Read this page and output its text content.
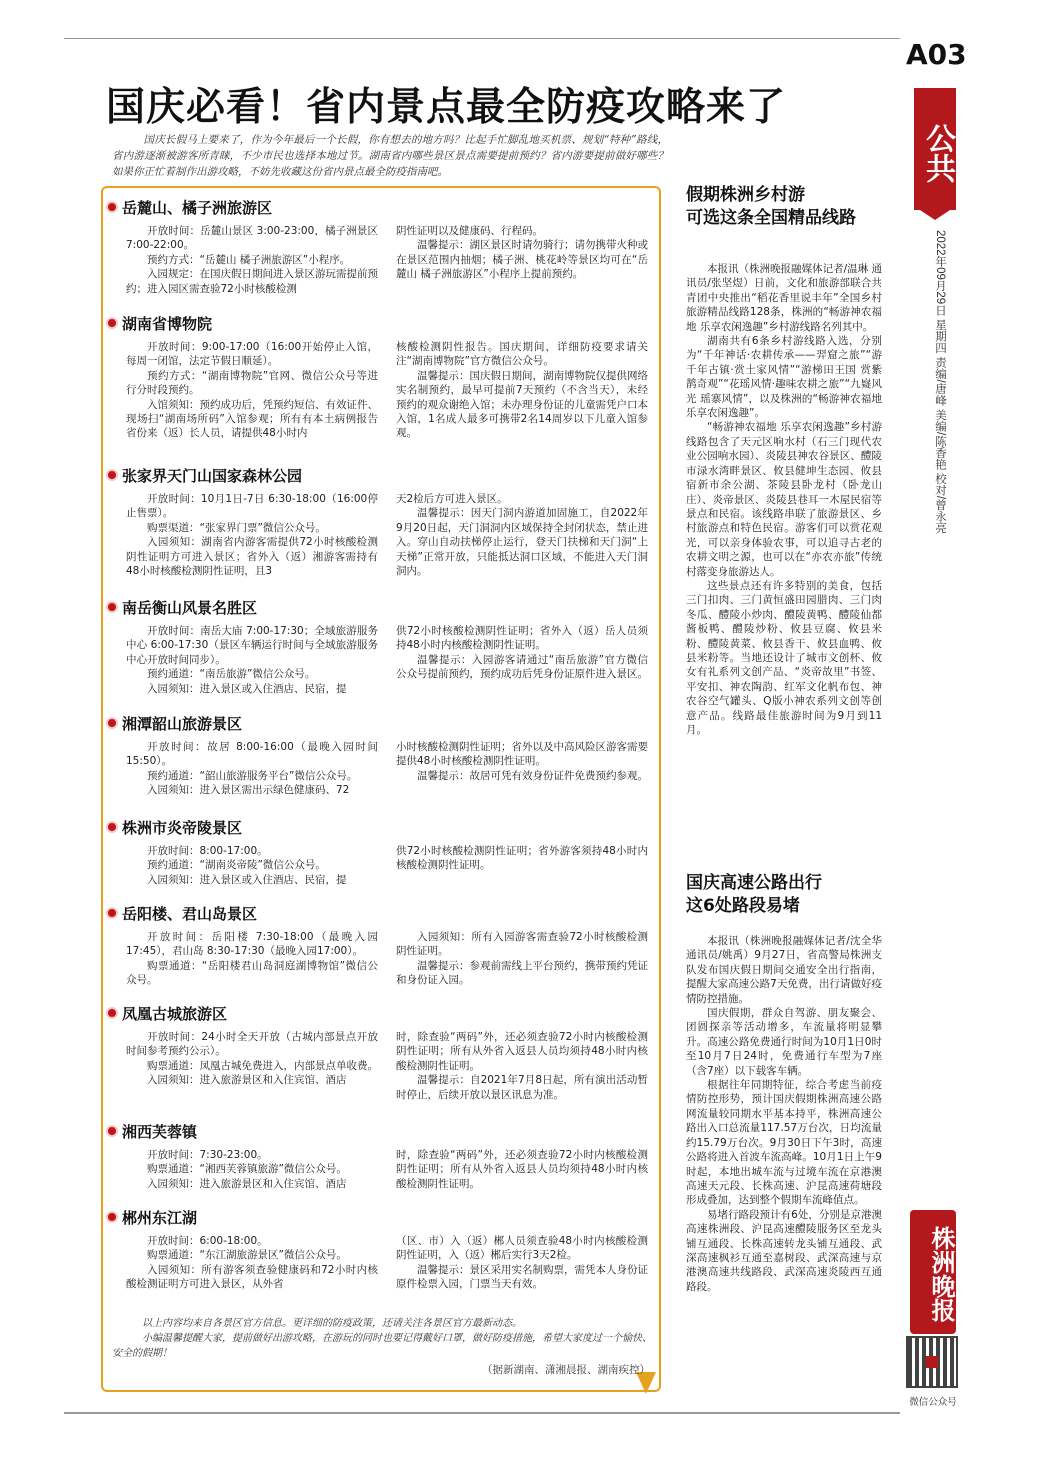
A03
公共
2022年09月29日 星期四 责编/唐峰 美编/陈香艳 校对/曾永亮
国庆必看！省内景点最全防疫攻略来了
国庆长假马上要来了，作为今年最后一个长假，你有想去的地方吗？比起手忙脚乱地买机票、规划“特种”路线，省内游逐渐被游客所青睐，不少市民也选择本地过节。湖南省内哪些景区景点需要提前预约？省内游要提前做好哪些？如果你正忙着制作出游攻略，不妨先收藏这份省内景点最全防疫指南吧。
岳麓山、橘子洲旅游区

开放时间：岳麓山景区 3:00-23:00，橘子洲景区 7:00-22:00。

预约方式：“岳麓山 橘子洲旅游区”小程序。

入园规定：在国庆假日期间进入景区游玩需提前预约；进入园区需查验72小时核酸检测

阴性证明以及健康码、行程码。

温馨提示：湖区景区时请勿骑行；请勿携带火种或在景区范围内抽烟；橘子洲、桃花岭等景区均可在“岳麓山 橘子洲旅游区”小程序上提前预约。

湖南省博物院

开放时间：9:00-17:00（16:00开始停止入馆，每周一闭馆，法定节假日顺延）。

预约方式：“湖南博物院”官网、微信公众号等进行分时段预约。

入馆须知：预约成功后，凭预约短信、有效证件、现场扫“湖南场所码”入馆参观；所有有本土病例报告省份来（返）长人员，请提供48小时内

核酸检测阴性报告。国庆期间，详细防疫要求请关注“湖南博物院”官方微信公众号。

温馨提示：国庆假日期间，湖南博物院仅提供网络实名制预约，最早可提前7天预约（不含当天），未经预约的观众谢绝入馆；未办理身份证的儿童需凭户口本入馆，1名成人最多可携带2名14周岁以下儿童入馆参观。

张家界天门山国家森林公园

开放时间：10月1日-7日 6:30-18:00（16:00停止售票）。

购票渠道：“张家界门票”微信公众号。

入园须知：湖南省内游客需提供72小时核酸检测阴性证明方可进入景区；省外入（返）湘游客需持有48小时核酸检测阴性证明，且3

天2检后方可进入景区。

温馨提示：因天门洞内游道加固施工，自2022年9月20日起，天门洞洞内区域保持全封闭状态，禁止进入。穿山自动扶梯停止运行，登天门扶梯和天门洞“上天梯”正常开放，只能抵达洞口区域，不能进入天门洞洞内。

南岳衡山风景名胜区

开放时间：南岳大庙 7:00-17:30；全域旅游服务中心 6:00-17:30（景区车辆运行时间与全域旅游服务中心开放时间同步）。

预约通道：“南岳旅游”微信公众号。

入园须知：进入景区或入住酒店、民宿，提

供72小时核酸检测阴性证明；省外入（返）岳人员须持48小时内核酸检测阴性证明。

温馨提示：入园游客请通过“南岳旅游”官方微信公众号提前预约，预约成功后凭身份证原件进入景区。

湘潭韶山旅游景区

开放时间：故居 8:00-16:00（最晚入园时间15:50）。

预约通道：“韶山旅游服务平台”微信公众号。

入园须知：进入景区需出示绿色健康码、72

小时核酸检测阴性证明；省外以及中高风险区游客需要提供48小时核酸检测阴性证明。

温馨提示：故居可凭有效身份证件免费预约参观。

株洲市炎帝陵景区

开放时间：8:00-17:00。

预约通道：“湖南炎帝陵”微信公众号。

入园须知：进入景区或入住酒店、民宿，提

供72小时核酸检测阴性证明；省外游客须持48小时内核酸检测阴性证明。

岳阳楼、君山岛景区

开放时间：岳阳楼 7:30-18:00（最晚入园17:45），君山岛 8:30-17:30（最晚入园17:00）。

购票通道：“岳阳楼君山岛洞庭湖博物馆”微信公众号。

入园须知：所有入园游客需查验72小时核酸检测阴性证明。

温馨提示：参观前需线上平台预约，携带预约凭证和身份证入园。

凤凰古城旅游区

开放时间：24小时全天开放（古城内部景点开放时间参考预约公示）。

购票通道：凤凰古城免费进入，内部景点单收费。

入园须知：进入旅游景区和入住宾馆、酒店

时，除查验“两码”外，还必须查验72小时内核酸检测阴性证明；所有从外省入返县人员均须持48小时内核酸检测阴性证明。

温馨提示：自2021年7月8日起，所有演出活动暂时停止，后续开放以景区讯息为准。

湘西芙蓉镇

开放时间：7:30-23:00。

购票通道：“湘西芙蓉镇旅游”微信公众号。

入园须知：进入旅游景区和入住宾馆、酒店

时，除查验“两码”外，还必须查验72小时内核酸检测阴性证明；所有从外省入返县人员均须持48小时内核酸检测阴性证明。

郴州东江湖

开放时间：6:00-18:00。

购票通道：“东江湖旅游景区”微信公众号。

入园须知：所有游客须查验健康码和72小时内核酸检测证明方可进入景区，从外省

（区、市）入（返）郴人员须查验48小时内核酸检测阴性证明，入（返）郴后实行3天2检。

温馨提示：景区采用实名制购票，需凭本人身份证原件检票入园，门票当天有效。

以上内容均来自各景区官方信息。更详细的防疫政策，还请关注各景区官方最新动态。

小编温馨提醒大家，提前做好出游攻略，在游玩的同时也要记得戴好口罩，做好防疫措施，希望大家度过一个愉快、安全的假期！

（据新湖南、潇湘晨报、湖南疾控）
假期株洲乡村游
可选这条全国精品线路

本报讯（株洲晚报融媒体记者/温琳 通讯员/张坚煜）日前，文化和旅游部联合共青团中央推出“稻花香里说丰年”全国乡村旅游精品线路128条，株洲的“畅游神农福地 乐享农闲逸趣”乡村游线路名列其中。

湖南共有6条乡村游线路入选，分别为“千年神话·农耕传承——羿窟之旅”“游千年古镇·赏土家风情”“游梯田王国 赏紫鹊奇观”“花瑶风情·趣味农耕之旅”“九嶷风光 瑶寨风情”，以及株洲的“畅游神农福地 乐享农闲逸趣”。

“畅游神农福地 乐享农闲逸趣”乡村游线路包含了天元区响水村（石三门现代农业公园响水园）、炎陵县神农谷景区、醴陵市渌水湾畔景区、攸县健坤生态园、攸县宿新市余公湖、茶陵县卧龙村（卧龙山庄）、炎帝景区、炎陵县巷耳一木屋民宿等景点和民宿。该线路串联了旅游景区、乡村旅游点和特色民宿。游客们可以赏花观光，可以亲身体验农事，可以追寻古老的农耕文明之源，也可以在“亦农亦旅”传统村落变身旅游达人。

这些景点还有许多特别的美食，包括三门扣肉、三门黄恒盛田园腊肉、三门肉冬瓜、醴陵小炒肉、醴陵黄鸭、醴陵仙都酱板鸭、醴陵炒粉、攸县豆腐、攸县米粉、醴陵黄菜、攸县香干、攸县血鸭、攸县米粉等。当地还设计了城市文创杯、攸女有礼系列文创产品、“炎帝故里”书签、平安扣、神农陶韵、红军文化帆布包、神农谷空气罐头、Q版小神农系列文创等创意产品。线路最佳旅游时间为9月到11月。

国庆高速公路出行
这6处路段易堵

本报讯（株洲晚报融媒体记者/沈全华 通讯员/姚禹）9月27日，省高警局株洲支队发布国庆假日期间交通安全出行指南，提醒大家高速公路7天免费，出行请做好疫情防控措施。

国庆假期，群众自驾游、朋友聚会、团圆探亲等活动增多，车流量将明显攀升。高速公路免费通行时间为10月1日0时至10月7日24时，免费通行车型为7座（含7座）以下载客车辆。

根据往年同期特征，综合考虑当前疫情防控形势，预计国庆假期株洲高速公路网流量较同期水平基本持平，株洲高速公路出入口总流量117.57万台次，日均流量约15.79万台次。9月30日下午3时，高速公路将进入首波车流高峰。10月1日上午9时起，本地出城车流与过境车流在京港澳高速天元段、长株高速、沪昆高速荷塘段形成叠加，达到整个假期车流峰值点。

易堵行路段预计有6处，分别是京港澳高速株洲段、沪昆高速醴陵服务区至龙头铺互通段、长株高速转龙头铺互通段、武深高速枫衫互通至嘉树段、武深高速与京港澳高速共线路段、武深高速炎陵西互通路段。	株洲晚报
微信公众号
